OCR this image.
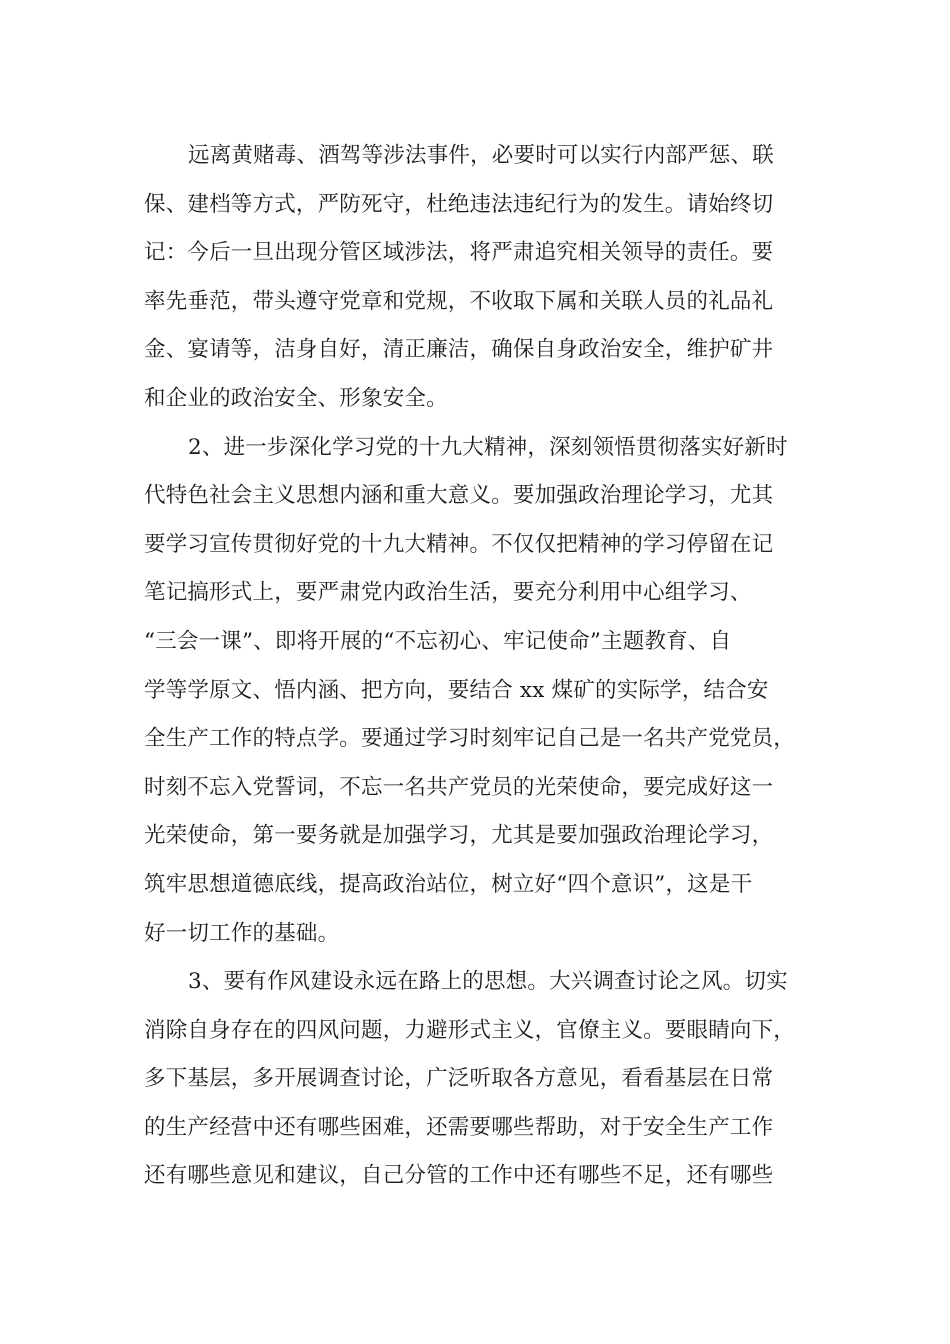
远离黄赌毒、酒驾等涉法事件，必要时可以实行内部严惩、联
保、建档等方式，严防死守，杜绝违法违纪行为的发生。请始终切
记：今后一旦出现分管区域涉法，将严肃追究相关领导的责任。要
率先垂范，带头遵守党章和党规，不收取下属和关联人员的礼品礼
金、宴请等，洁身自好，清正廉洁，确保自身政治安全，维护矿井
和企业的政治安全、形象安全。
2、进一步深化学习党的十九大精神，深刻领悟贯彻落实好新时
代特色社会主义思想内涵和重大意义。要加强政治理论学习，尤其
要学习宣传贯彻好党的十九大精神。不仅仅把精神的学习停留在记
笔记搞形式上，要严肃党内政治生活，要充分利用中心组学习、
“三会一课”、即将开展的“不忘初心、牢记使命”主题教育、自
学等学原文、悟内涵、把方向，要结合 xx 煤矿的实际学，结合安
全生产工作的特点学。要通过学习时刻牢记自己是一名共产党党员，
时刻不忘入党誓词，不忘一名共产党员的光荣使命，要完成好这一
光荣使命，第一要务就是加强学习，尤其是要加强政治理论学习，
筑牢思想道德底线，提高政治站位，树立好“四个意识”，这是干
好一切工作的基础。
3、要有作风建设永远在路上的思想。大兴调查讨论之风。切实
消除自身存在的四风问题，力避形式主义，官僚主义。要眼睛向下，
多下基层，多开展调查讨论，广泛听取各方意见，看看基层在日常
的生产经营中还有哪些困难，还需要哪些帮助，对于安全生产工作
还有哪些意见和建议，自己分管的工作中还有哪些不足，还有哪些
